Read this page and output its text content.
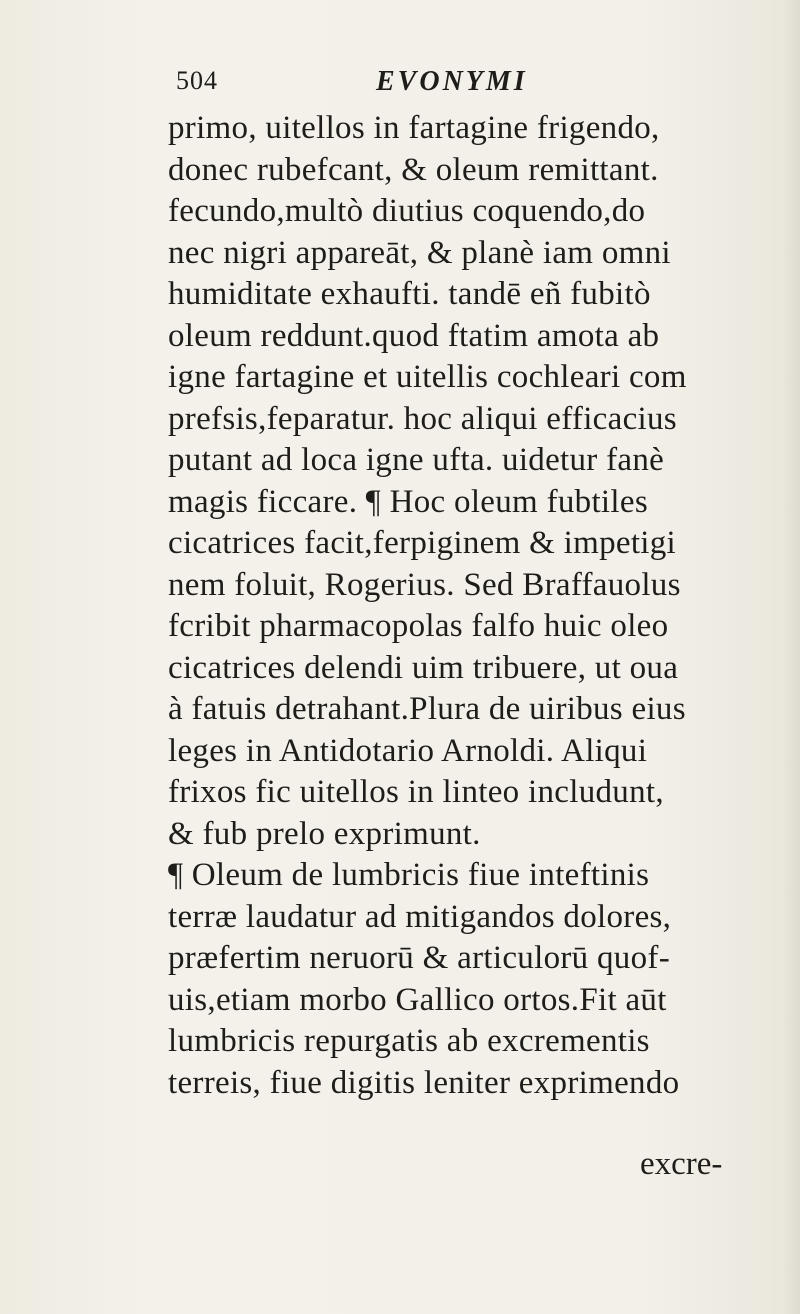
504	EVONYMI
primo, uitellos in fartagine frigendo,
donec rubefcant, & oleum remittant.
fecundo,multò diutius coquendo,do
nec nigri appareāt, & planè iam omni
humiditate exhaufti. tandē eñ fubitò
oleum reddunt.quod ftatim amota ab
igne fartagine et uitellis cochleari com
prefsis,feparatur. hoc aliqui efficacius
putant ad loca igne ufta. uidetur fanè
magis ficcare. ¶ Hoc oleum fubtiles
cicatrices facit,ferpiginem & impetigi
nem foluit, Rogerius. Sed Braffauolus
fcribit pharmacopolas falfo huic oleo
cicatrices delendi uim tribuere, ut oua
à fatuis detrahant.Plura de uiribus eius
leges in Antidotario Arnoldi. Aliqui
frixos fic uitellos in linteo includunt,
& fub prelo exprimunt.
¶ Oleum de lumbricis fiue inteftinis
terræ laudatur ad mitigandos dolores,
præfertim neruorū & articulorū quof-
uis,etiam morbo Gallico ortos.Fit aūt
lumbricis repurgatis ab excrementis
terreis, fiue digitis leniter exprimendo
excre-
